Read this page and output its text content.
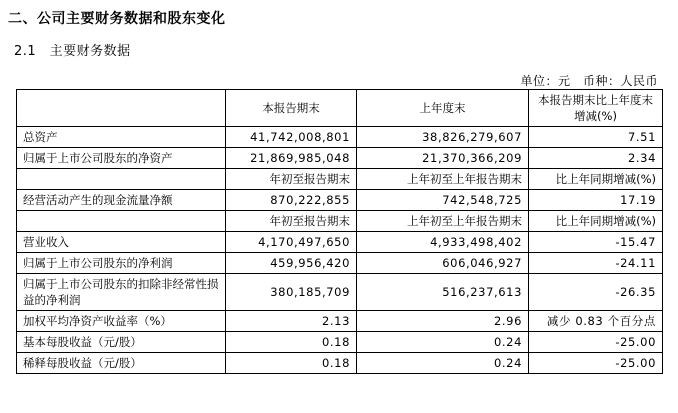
二、公司主要财务数据和股东变化
2.1　主要财务数据
单位：元　币种：人民币
	本报告期末	上年度末	本报告期末比上年度末增减(%)
总资产	41,742,008,801	38,826,279,607	7.51
归属于上市公司股东的净资产	21,869,985,048	21,370,366,209	2.34
	年初至报告期末	上年初至上年报告期末	比上年同期增减(%)
经营活动产生的现金流量净额	870,222,855	742,548,725	17.19
	年初至报告期末	上年初至上年报告期末	比上年同期增减(%)
营业收入	4,170,497,650	4,933,498,402	-15.47
归属于上市公司股东的净利润	459,956,420	606,046,927	-24.11
归属于上市公司股东的扣除非经常性损益的净利润	380,185,709	516,237,613	-26.35
加权平均净资产收益率（%）	2.13	2.96	减少 0.83 个百分点
基本每股收益（元/股）	0.18	0.24	-25.00
稀释每股收益（元/股）	0.18	0.24	-25.00
